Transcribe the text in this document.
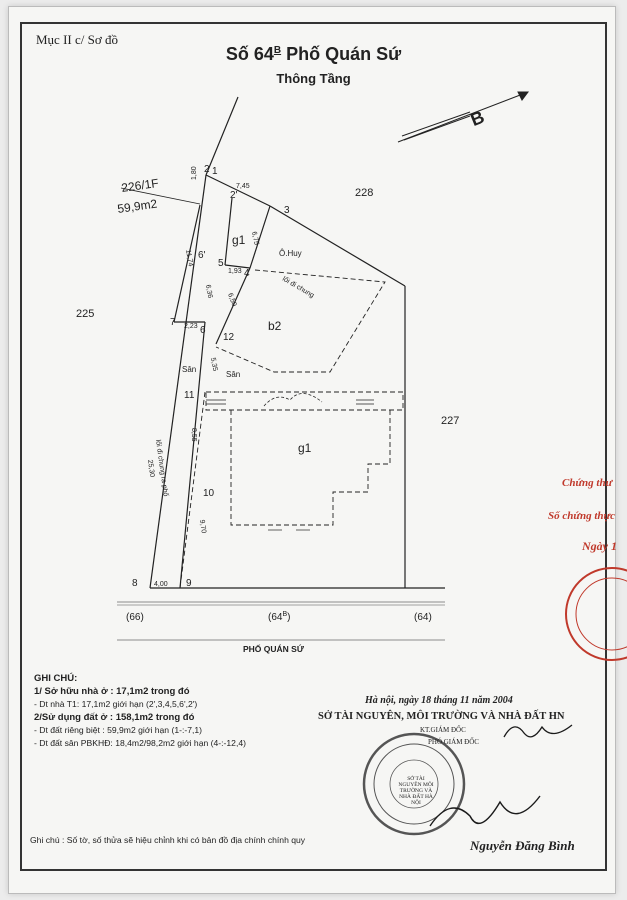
Mục II c/ Sơ đồ
Số $64^B$ Phố Quán Sứ
Thông Tầng
B
1
2
2'
3
4
5
6
6'
7
8	9
10
11
12
1,80
7,45
11,74
6,75
1,93
6,36
6,50
2,23
5,35
8,55
25,30
9,70
4,00
226/1F
59,9m2
228
225
227
g1
b2
g1
Ô.Huy
lối đi chung
lối đi chung ra phố
Sân
Sân
(66)	$(64^B)$	(64)
PHỐ QUÁN SỨ
Chứng thư
Số chứng thực
Ngày 1
GHI CHÚ:
1/ Sở hữu nhà ở : 17,1m2 trong đó
- Dt nhà T1: 17,1m2 giới hạn (2',3,4,5,6',2')
2/Sử dụng đất ở : 158,1m2 trong đó
- Dt đất riêng biệt : 59,9m2 giới hạn (1-:-7,1)
- Dt đất sân PBKHĐ: 18,4m2/98,2m2 giới hạn (4-:-12,4)
Ghi chú : Số tờ, số thửa sẽ hiệu chỉnh khi có bản đồ địa chính chính quy
Hà nội, ngày 18 tháng 11 năm 2004
SỞ TÀI NGUYÊN, MÔI TRƯỜNG VÀ NHÀ ĐẤT HN
KT.GIÁM ĐỐC
PHÓ GIÁM ĐỐC
SỞ TÀI NGUYÊN MÔI TRƯỜNG VÀ NHÀ ĐẤT HÀ NỘI
Nguyễn Đăng Bình
